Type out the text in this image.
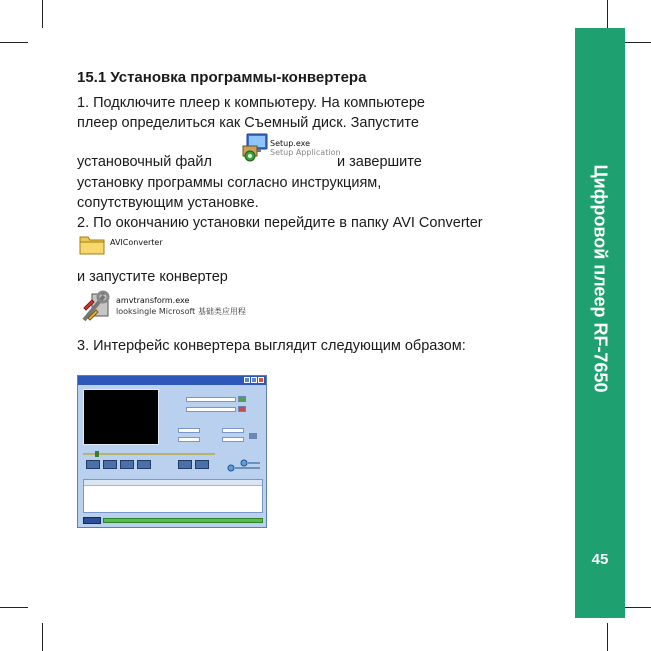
Цифровой плеер RF-7650
45
15.1 Установка программы-конвертера
1. Подключите плеер к компьютеру. На компьютере
плеер определиться как Съемный диск. Запустите
установочный файл	и завершите
установку программы согласно инструкциям,
сопутствующим установке.
2. По окончанию установки перейдите в папку AVI Converter
и запустите конвертер
3. Интерфейс конвертера выглядит следующим образом:
Setup.exe
Setup Application
AVIConverter
amvtransform.exe
looksingle Microsoft 基础类应用程
